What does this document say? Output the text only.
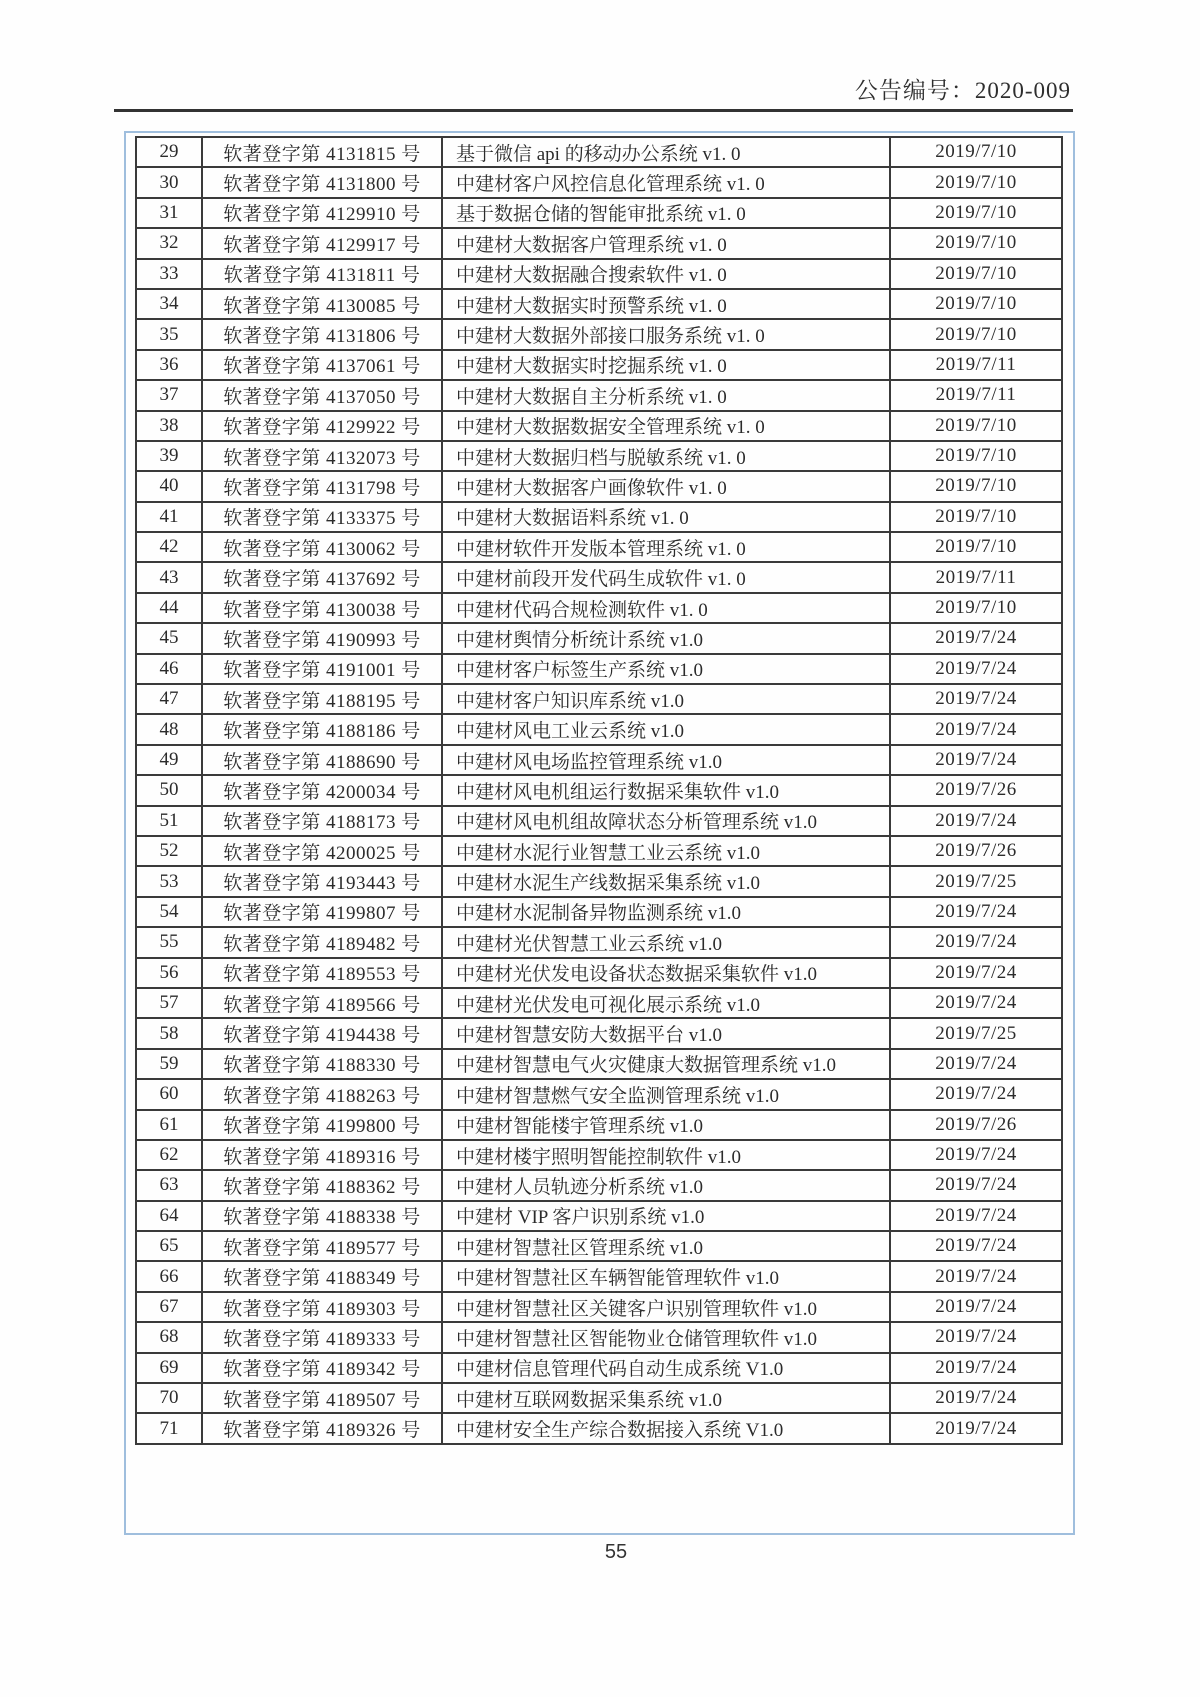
公告编号：2020-009
29	软著登字第 4131815 号	基于微信 api 的移动办公系统 v1. 0	2019/7/10
30	软著登字第 4131800 号	中建材客户风控信息化管理系统 v1. 0	2019/7/10
31	软著登字第 4129910 号	基于数据仓储的智能审批系统 v1. 0	2019/7/10
32	软著登字第 4129917 号	中建材大数据客户管理系统 v1. 0	2019/7/10
33	软著登字第 4131811 号	中建材大数据融合搜索软件 v1. 0	2019/7/10
34	软著登字第 4130085 号	中建材大数据实时预警系统 v1. 0	2019/7/10
35	软著登字第 4131806 号	中建材大数据外部接口服务系统 v1. 0	2019/7/10
36	软著登字第 4137061 号	中建材大数据实时挖掘系统 v1. 0	2019/7/11
37	软著登字第 4137050 号	中建材大数据自主分析系统 v1. 0	2019/7/11
38	软著登字第 4129922 号	中建材大数据数据安全管理系统 v1. 0	2019/7/10
39	软著登字第 4132073 号	中建材大数据归档与脱敏系统 v1. 0	2019/7/10
40	软著登字第 4131798 号	中建材大数据客户画像软件 v1. 0	2019/7/10
41	软著登字第 4133375 号	中建材大数据语料系统 v1. 0	2019/7/10
42	软著登字第 4130062 号	中建材软件开发版本管理系统 v1. 0	2019/7/10
43	软著登字第 4137692 号	中建材前段开发代码生成软件 v1. 0	2019/7/11
44	软著登字第 4130038 号	中建材代码合规检测软件 v1. 0	2019/7/10
45	软著登字第 4190993 号	中建材舆情分析统计系统 v1.0	2019/7/24
46	软著登字第 4191001 号	中建材客户标签生产系统 v1.0	2019/7/24
47	软著登字第 4188195 号	中建材客户知识库系统 v1.0	2019/7/24
48	软著登字第 4188186 号	中建材风电工业云系统 v1.0	2019/7/24
49	软著登字第 4188690 号	中建材风电场监控管理系统 v1.0	2019/7/24
50	软著登字第 4200034 号	中建材风电机组运行数据采集软件 v1.0	2019/7/26
51	软著登字第 4188173 号	中建材风电机组故障状态分析管理系统 v1.0	2019/7/24
52	软著登字第 4200025 号	中建材水泥行业智慧工业云系统 v1.0	2019/7/26
53	软著登字第 4193443 号	中建材水泥生产线数据采集系统 v1.0	2019/7/25
54	软著登字第 4199807 号	中建材水泥制备异物监测系统 v1.0	2019/7/24
55	软著登字第 4189482 号	中建材光伏智慧工业云系统 v1.0	2019/7/24
56	软著登字第 4189553 号	中建材光伏发电设备状态数据采集软件 v1.0	2019/7/24
57	软著登字第 4189566 号	中建材光伏发电可视化展示系统 v1.0	2019/7/24
58	软著登字第 4194438 号	中建材智慧安防大数据平台 v1.0	2019/7/25
59	软著登字第 4188330 号	中建材智慧电气火灾健康大数据管理系统 v1.0	2019/7/24
60	软著登字第 4188263 号	中建材智慧燃气安全监测管理系统 v1.0	2019/7/24
61	软著登字第 4199800 号	中建材智能楼宇管理系统 v1.0	2019/7/26
62	软著登字第 4189316 号	中建材楼宇照明智能控制软件 v1.0	2019/7/24
63	软著登字第 4188362 号	中建材人员轨迹分析系统 v1.0	2019/7/24
64	软著登字第 4188338 号	中建材 VIP 客户识别系统 v1.0	2019/7/24
65	软著登字第 4189577 号	中建材智慧社区管理系统 v1.0	2019/7/24
66	软著登字第 4188349 号	中建材智慧社区车辆智能管理软件 v1.0	2019/7/24
67	软著登字第 4189303 号	中建材智慧社区关键客户识别管理软件 v1.0	2019/7/24
68	软著登字第 4189333 号	中建材智慧社区智能物业仓储管理软件 v1.0	2019/7/24
69	软著登字第 4189342 号	中建材信息管理代码自动生成系统 V1.0	2019/7/24
70	软著登字第 4189507 号	中建材互联网数据采集系统 v1.0	2019/7/24
71	软著登字第 4189326 号	中建材安全生产综合数据接入系统 V1.0	2019/7/24
55
